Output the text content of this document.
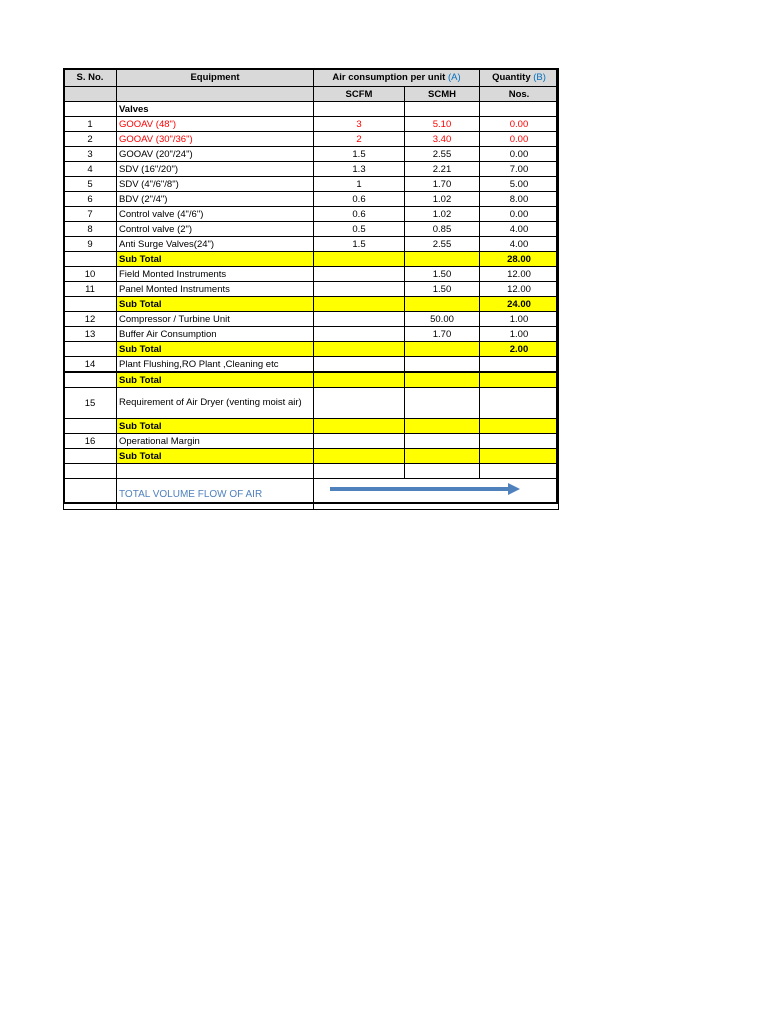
S. No.	Equipment	Air consumption per unit (A)		Quantity (B)
		SCFM	SCMH	Nos.
	Valves			
1	GOOAV (48")	3	5.10	0.00
2	GOOAV (30"/36")	2	3.40	0.00
3	GOOAV (20"/24")	1.5	2.55	0.00
4	SDV (16"/20")	1.3	2.21	7.00
5	SDV (4"/6"/8")	1	1.70	5.00
6	BDV (2"/4")	0.6	1.02	8.00
7	Control valve (4"/6")	0.6	1.02	0.00
8	Control valve (2")	0.5	0.85	4.00
9	Anti Surge Valves(24")	1.5	2.55	4.00
	Sub Total			28.00
10	Field Monted Instruments		1.50	12.00
11	Panel Monted Instruments		1.50	12.00
	Sub Total			24.00
12	Compressor / Turbine Unit		50.00	1.00
13	Buffer Air Consumption		1.70	1.00
	Sub Total			2.00
14	Plant Flushing,RO Plant ,Cleaning etc			
	Sub Total			
15	Requirement of Air Dryer (venting moist air)			
	Sub Total			
16	Operational Margin			
	Sub Total			

	TOTAL VOLUME FLOW OF AIR			
